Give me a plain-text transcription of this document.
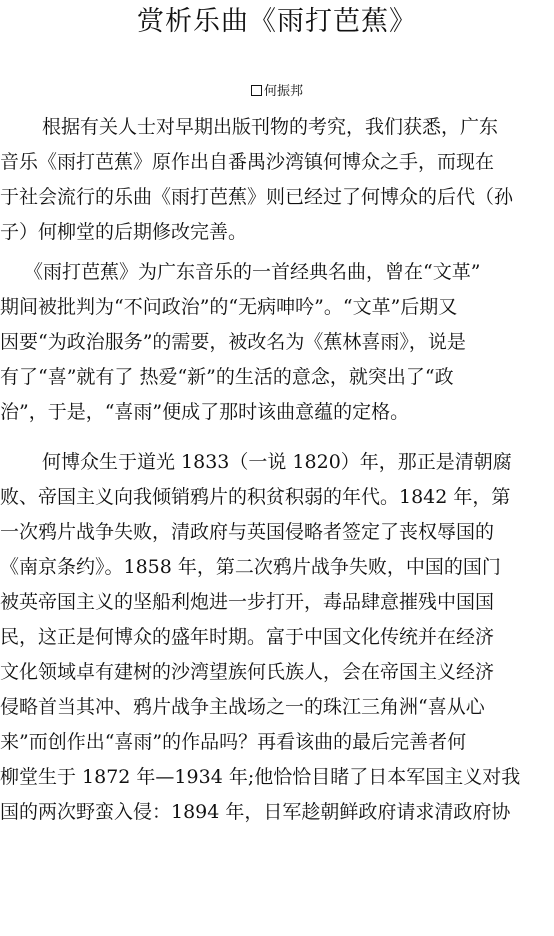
赏析乐曲《雨打芭蕉》
何振邦
根据有关人士对早期出版刊物的考究，我们获悉，广东
音乐《雨打芭蕉》原作出自番禺沙湾镇何博众之手，而现在
于社会流行的乐曲《雨打芭蕉》则已经过了何博众的后代（孙
子）何柳堂的后期修改完善。
《雨打芭蕉》为广东音乐的一首经典名曲，曾在“文革”
期间被批判为“不问政治”的“无病呻吟”。“文革”后期又
因要“为政治服务”的需要，被改名为《蕉林喜雨》，说是
有了“喜”就有了 热爱“新”的生活的意念，就突出了“政
治”，于是，“喜雨”便成了那时该曲意蕴的定格。
何博众生于道光 1833（一说 1820）年，那正是清朝腐
败、帝国主义向我倾销鸦片的积贫积弱的年代。1842 年，第
一次鸦片战争失败，清政府与英国侵略者签定了丧权辱国的
《南京条约》。1858 年，第二次鸦片战争失败，中国的国门
被英帝国主义的坚船利炮进一步打开，毒品肆意摧残中国国
民，这正是何博众的盛年时期。富于中国文化传统并在经济
文化领域卓有建树的沙湾望族何氏族人，会在帝国主义经济
侵略首当其冲、鸦片战争主战场之一的珠江三角洲“喜从心
来”而创作出“喜雨”的作品吗？再看该曲的最后完善者何
柳堂生于 1872 年—1934 年;他恰恰目睹了日本军国主义对我
国的两次野蛮入侵：1894 年，日军趁朝鲜政府请求清政府协
